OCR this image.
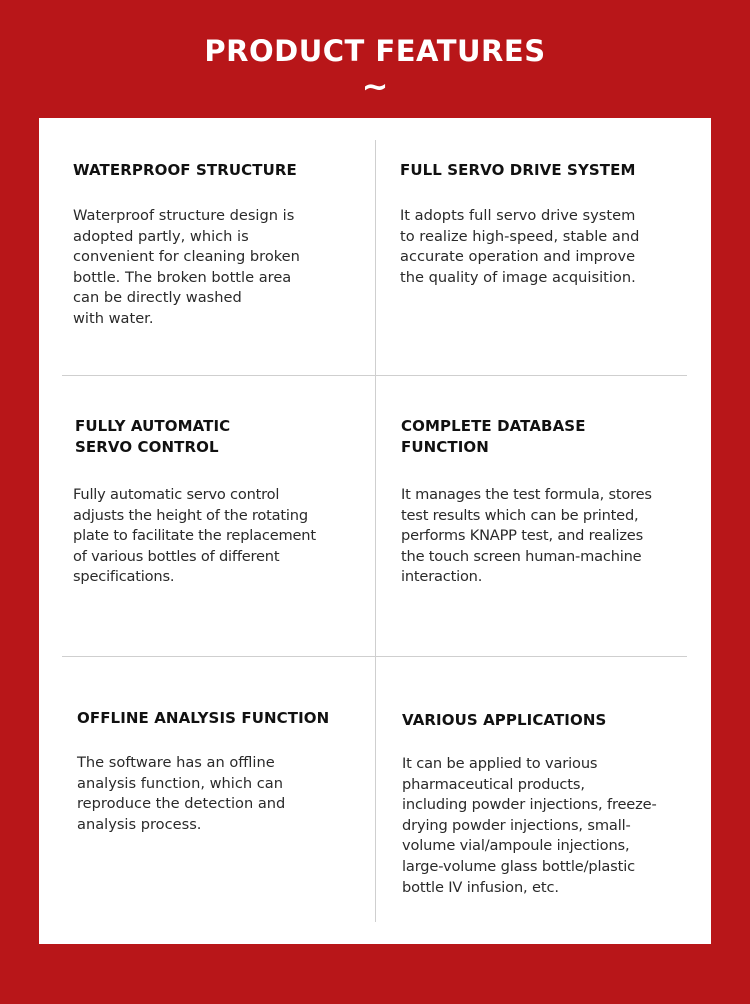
PRODUCT FEATURES
~
WATERPROOF STRUCTURE
Waterproof structure design is
adopted partly, which is
convenient for cleaning broken
bottle. The broken bottle area
can be directly washed
with water.
FULL SERVO DRIVE SYSTEM
It adopts full servo drive system
to realize high-speed, stable and
accurate operation and improve
the quality of image acquisition.
FULLY AUTOMATIC
SERVO CONTROL
Fully automatic servo control
adjusts the height of the rotating
plate to facilitate the replacement
of various bottles of different
specifications.
COMPLETE DATABASE
FUNCTION
It manages the test formula, stores
test results which can be printed,
performs KNAPP test, and realizes
the touch screen human-machine
interaction.
OFFLINE ANALYSIS FUNCTION
The software has an offline
analysis function, which can
reproduce the detection and
analysis process.
VARIOUS APPLICATIONS
It can be applied to various
pharmaceutical products,
including powder injections, freeze-
drying powder injections, small-
volume vial/ampoule injections,
large-volume glass bottle/plastic
bottle IV infusion, etc.
